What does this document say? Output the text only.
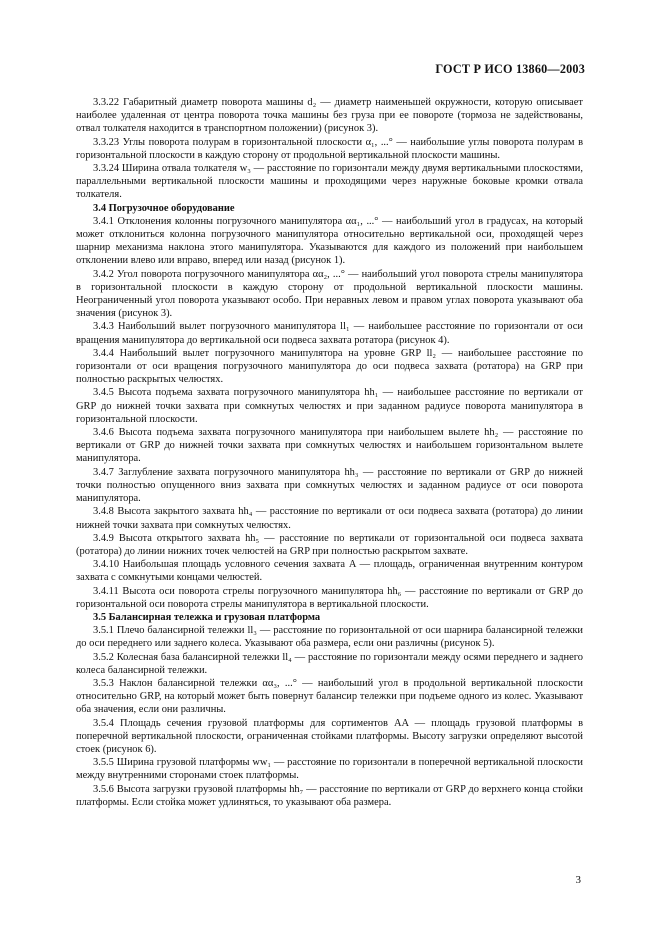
ГОСТ Р ИСО 13860—2003

3.3.22 Габаритный диаметр поворота машины d₂ — диаметр наименьшей окружности, которую описывает наиболее удаленная от центра поворота точка машины без груза при ее повороте (тормоза не задействованы, отвал толкателя находится в транспортном положении) (рисунок 3).

3.3.23 Углы поворота полурам в горизонтальной плоскости α₁, ...° — наибольшие углы поворота полурам в горизонтальной плоскости в каждую сторону от продольной вертикальной плоскости машины.

3.3.24 Ширина отвала толкателя w₃ — расстояние по горизонтали между двумя вертикальными плоскостями, параллельными вертикальной плоскости машины и проходящими через наружные боковые кромки отвала толкателя.

3.4 Погрузочное оборудование

3.4.1 Отклонения колонны погрузочного манипулятора αα₁, ...° — наибольший угол в градусах, на который может отклониться колонна погрузочного манипулятора относительно вертикальной оси, проходящей через шарнир механизма наклона этого манипулятора. Указываются для каждого из положений при наибольшем отклонении влево или вправо, вперед или назад (рисунок 1).

3.4.2 Угол поворота погрузочного манипулятора αα₂, ...° — наибольший угол поворота стрелы манипулятора в горизонтальной плоскости в каждую сторону от продольной вертикальной плоскости машины. Неограниченный угол поворота указывают особо. При неравных левом и правом углах поворота указывают оба значения (рисунок 3).

3.4.3 Наибольший вылет погрузочного манипулятора ll₁ — наибольшее расстояние по горизонтали от оси вращения манипулятора до вертикальной оси подвеса захвата ротатора (рисунок 4).

3.4.4 Наибольший вылет погрузочного манипулятора на уровне GRP ll₂ — наибольшее расстояние по горизонтали от оси вращения погрузочного манипулятора до оси подвеса захвата (ротатора) на GRP при полностью раскрытых челюстях.

3.4.5 Высота подъема захвата погрузочного манипулятора hh₁ — наибольшее расстояние по вертикали от GRP до нижней точки захвата при сомкнутых челюстях и при заданном радиусе поворота манипулятора в горизонтальной плоскости.

3.4.6 Высота подъема захвата погрузочного манипулятора при наибольшем вылете hh₂ — расстояние по вертикали от GRP до нижней точки захвата при сомкнутых челюстях и наибольшем горизонтальном вылете манипулятора.

3.4.7 Заглубление захвата погрузочного манипулятора hh₃ — расстояние по вертикали от GRP до нижней точки полностью опущенного вниз захвата при сомкнутых челюстях и заданном радиусе от оси поворота манипулятора.

3.4.8 Высота закрытого захвата hh₄ — расстояние по вертикали от оси подвеса захвата (ротатора) до линии нижней точки захвата при сомкнутых челюстях.

3.4.9 Высота открытого захвата hh₅ — расстояние по вертикали от горизонтальной оси подвеса захвата (ротатора) до линии нижних точек челюстей на GRP при полностью раскрытом захвате.

3.4.10 Наибольшая площадь условного сечения захвата A — площадь, ограниченная внутренним контуром захвата с сомкнутыми концами челюстей.

3.4.11 Высота оси поворота стрелы погрузочного манипулятора hh₆ — расстояние по вертикали от GRP до горизонтальной оси поворота стрелы манипулятора в вертикальной плоскости.

3.5 Балансирная тележка и грузовая платформа

3.5.1 Плечо балансирной тележки ll₃ — расстояние по горизонтальной от оси шарнира балансирной тележки до оси переднего или заднего колеса. Указывают оба размера, если они различны (рисунок 5).

3.5.2 Колесная база балансирной тележки ll₄ — расстояние по горизонтали между осями переднего и заднего колеса балансирной тележки.

3.5.3 Наклон балансирной тележки αα₃, ...° — наибольший угол в продольной вертикальной плоскости относительно GRP, на который может быть повернут балансир тележки при подъеме одного из колес. Указывают оба значения, если они различны.

3.5.4 Площадь сечения грузовой платформы для сортиментов AA — площадь грузовой платформы в поперечной вертикальной плоскости, ограниченная стойками платформы. Высоту загрузки определяют высотой стоек (рисунок 6).

3.5.5 Ширина грузовой платформы ww₁ — расстояние по горизонтали в поперечной вертикальной плоскости между внутренними сторонами стоек платформы.

3.5.6 Высота загрузки грузовой платформы hh₇ — расстояние по вертикали от GRP до верхнего конца стойки платформы. Если стойка может удлиняться, то указывают оба размера.

3
